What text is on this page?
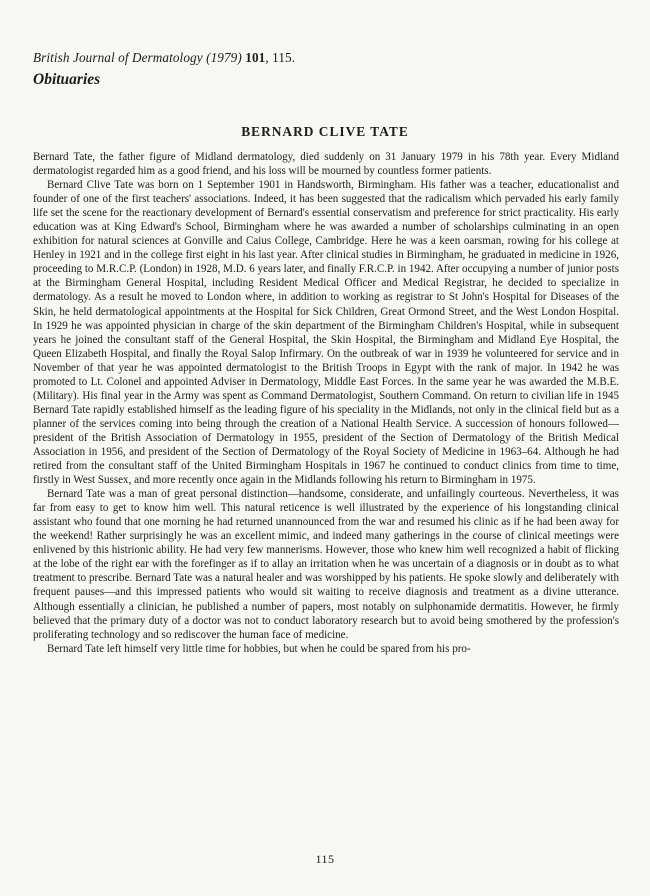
British Journal of Dermatology (1979) 101, 115.
Obituaries
BERNARD CLIVE TATE

Bernard Tate, the father figure of Midland dermatology, died suddenly on 31 January 1979 in his 78th year. Every Midland dermatologist regarded him as a good friend, and his loss will be mourned by countless former patients.

Bernard Clive Tate was born on 1 September 1901 in Handsworth, Birmingham. His father was a teacher, educationalist and founder of one of the first teachers' associations. Indeed, it has been suggested that the radicalism which pervaded his early family life set the scene for the reactionary development of Bernard's essential conservatism and preference for strict practicality. His early education was at King Edward's School, Birmingham where he was awarded a number of scholarships culminating in an open exhibition for natural sciences at Gonville and Caius College, Cambridge. Here he was a keen oarsman, rowing for his college at Henley in 1921 and in the college first eight in his last year. After clinical studies in Birmingham, he graduated in medicine in 1926, proceeding to M.R.C.P. (London) in 1928, M.D. 6 years later, and finally F.R.C.P. in 1942. After occupying a number of junior posts at the Birmingham General Hospital, including Resident Medical Officer and Medical Registrar, he decided to specialize in dermatology. As a result he moved to London where, in addition to working as registrar to St John's Hospital for Diseases of the Skin, he held dermatological appointments at the Hospital for Sick Children, Great Ormond Street, and the West London Hospital. In 1929 he was appointed physician in charge of the skin department of the Birmingham Children's Hospital, while in subsequent years he joined the consultant staff of the General Hospital, the Skin Hospital, the Birmingham and Midland Eye Hospital, the Queen Elizabeth Hospital, and finally the Royal Salop Infirmary. On the outbreak of war in 1939 he volunteered for service and in November of that year he was appointed dermatologist to the British Troops in Egypt with the rank of major. In 1942 he was promoted to Lt. Colonel and appointed Adviser in Dermatology, Middle East Forces. In the same year he was awarded the M.B.E. (Military). His final year in the Army was spent as Command Dermatologist, Southern Command. On return to civilian life in 1945 Bernard Tate rapidly established himself as the leading figure of his speciality in the Midlands, not only in the clinical field but as a planner of the services coming into being through the creation of a National Health Service. A succession of honours followed—president of the British Association of Dermatology in 1955, president of the Section of Dermatology of the British Medical Association in 1956, and president of the Section of Dermatology of the Royal Society of Medicine in 1963–64. Although he had retired from the consultant staff of the United Birmingham Hospitals in 1967 he continued to conduct clinics from time to time, firstly in West Sussex, and more recently once again in the Midlands following his return to Birmingham in 1975.

Bernard Tate was a man of great personal distinction—handsome, considerate, and unfailingly courteous. Nevertheless, it was far from easy to get to know him well. This natural reticence is well illustrated by the experience of his longstanding clinical assistant who found that one morning he had returned unannounced from the war and resumed his clinic as if he had been away for the weekend! Rather surprisingly he was an excellent mimic, and indeed many gatherings in the course of clinical meetings were enlivened by this histrionic ability. He had very few mannerisms. However, those who knew him well recognized a habit of flicking at the lobe of the right ear with the forefinger as if to allay an irritation when he was uncertain of a diagnosis or in doubt as to what treatment to prescribe. Bernard Tate was a natural healer and was worshipped by his patients. He spoke slowly and deliberately with frequent pauses—and this impressed patients who would sit waiting to receive diagnosis and treatment as a divine utterance. Although essentially a clinician, he published a number of papers, most notably on sulphonamide dermatitis. However, he firmly believed that the primary duty of a doctor was not to conduct laboratory research but to avoid being smothered by the profession's proliferating technology and so rediscover the human face of medicine.

Bernard Tate left himself very little time for hobbies, but when he could be spared from his pro-

115
